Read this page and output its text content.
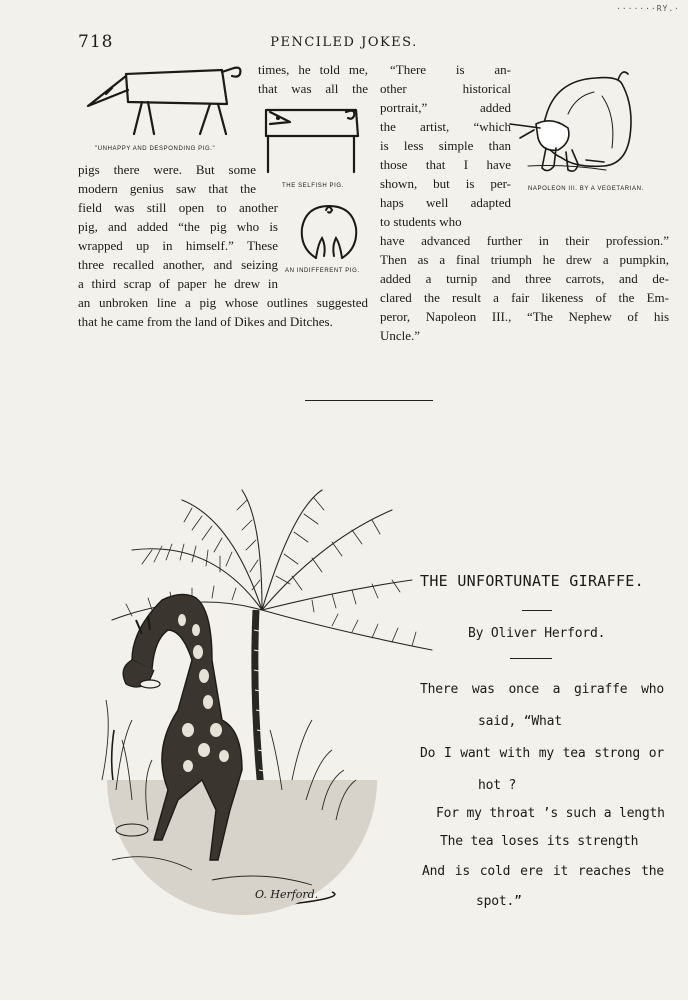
718	PENCILED JOKES.
·······RY.·
"UNHAPPY AND DESPONDING PIG."
THE SELFISH PIG.
AN INDIFFERENT PIG.
NAPOLEON III. BY A VEGETARIAN.
times, he told me,
that was all the
pigs there were. But some
modern genius saw that the
field was still open to another
pig, and added “the pig who is
wrapped up in himself.” These
three recalled another, and seizing
a third scrap of paper he drew in
an unbroken line a pig whose outlines suggested
that he came from the land of Dikes and Ditches.
“There is an-
other historical
portrait,” added
the artist, “which
is less simple than
those that I have
shown, but is per-
haps well adapted
to students who
have advanced further in their profession.”
Then as a final triumph he drew a pumpkin,
added a turnip and three carrots, and de-
clared the result a fair likeness of the Em-
peror, Napoleon III., “The Nephew of his
Uncle.”
O. Herford.
THE UNFORTUNATE GIRAFFE.
By Oliver Herford.
There was once a giraffe who
said, “What
Do I want with my tea strong or
hot ?
For my throat ’s such a length
The tea loses its strength
And is cold ere it reaches the
spot.”
